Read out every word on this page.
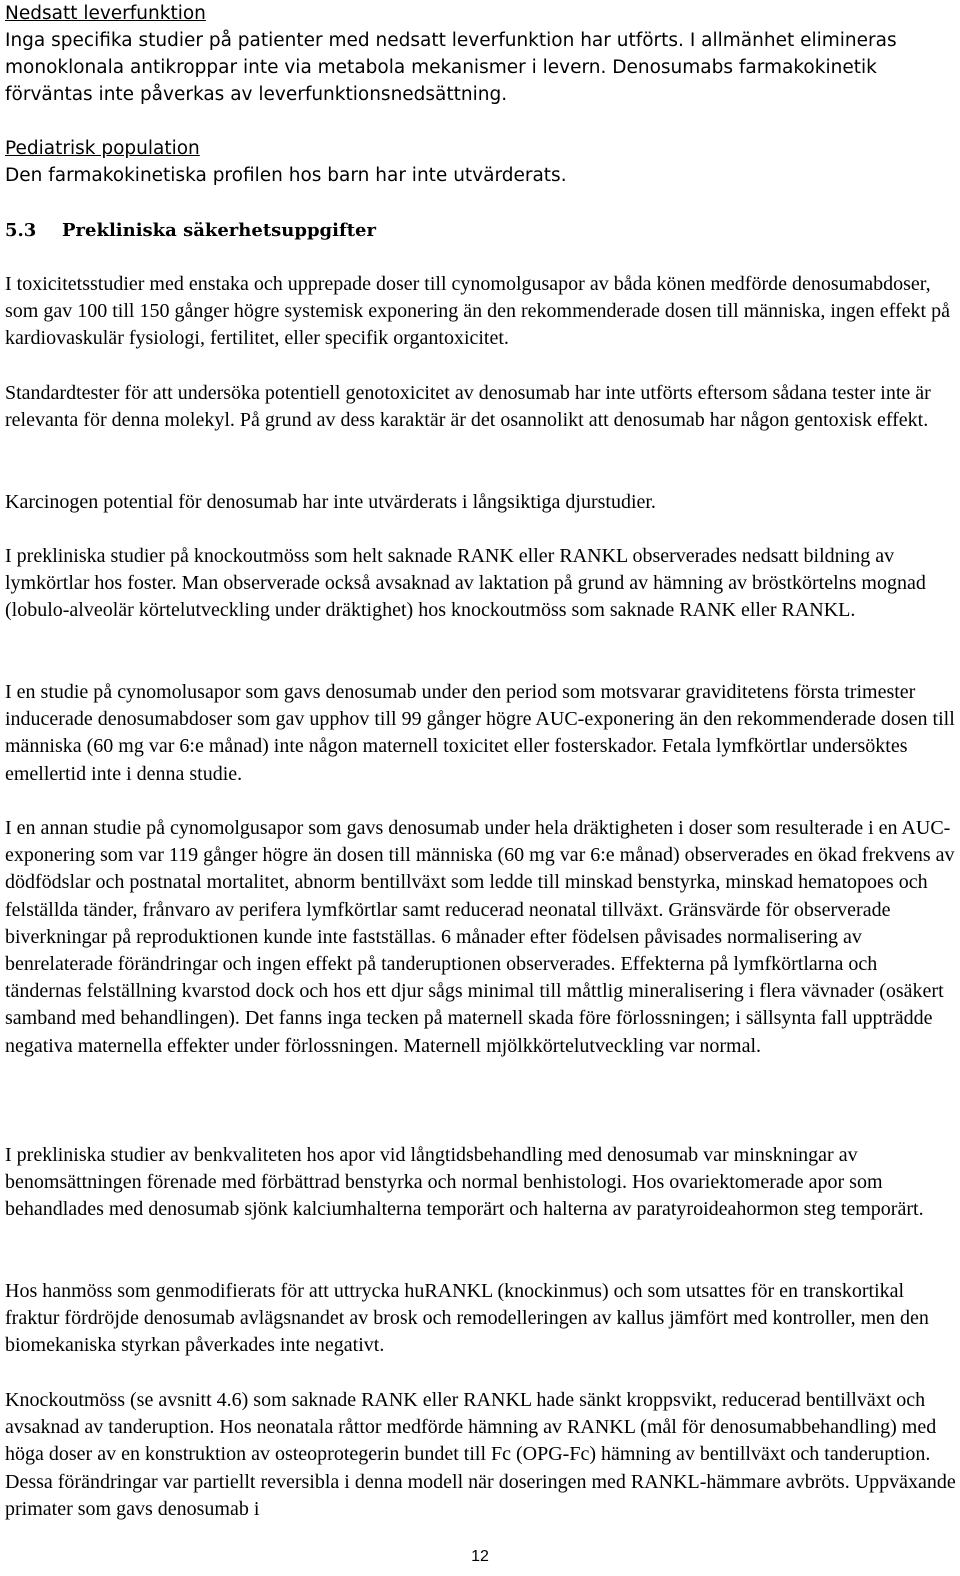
Nedsatt leverfunktion

Inga specifika studier på patienter med nedsatt leverfunktion har utförts. I allmänhet elimineras monoklonala antikroppar inte via metabola mekanismer i levern. Denosumabs farmakokinetik förväntas inte påverkas av leverfunktionsnedsättning.

Pediatrisk population

Den farmakokinetiska profilen hos barn har inte utvärderats.

5.3 Prekliniska säkerhetsuppgifter

I toxicitetsstudier med enstaka och upprepade doser till cynomolgusapor av båda könen medförde denosumabdoser, som gav 100 till 150 gånger högre systemisk exponering än den rekommenderade dosen till människa, ingen effekt på kardiovaskulär fysiologi, fertilitet, eller specifik organtoxicitet.

Standardtester för att undersöka potentiell genotoxicitet av denosumab har inte utförts eftersom sådana tester inte är relevanta för denna molekyl. På grund av dess karaktär är det osannolikt att denosumab har någon gentoxisk effekt.

Karcinogen potential för denosumab har inte utvärderats i långsiktiga djurstudier.

I prekliniska studier på knockoutmöss som helt saknade RANK eller RANKL observerades nedsatt bildning av lymkörtlar hos foster. Man observerade också avsaknad av laktation på grund av hämning av bröstkörtelns mognad (lobulo-alveolär körtelutveckling under dräktighet) hos knockoutmöss som saknade RANK eller RANKL.

I en studie på cynomolusapor som gavs denosumab under den period som motsvarar graviditetens första trimester inducerade denosumabdoser som gav upphov till 99 gånger högre AUC-exponering än den rekommenderade dosen till människa (60 mg var 6:e månad) inte någon maternell toxicitet eller fosterskador. Fetala lymfkörtlar undersöktes emellertid inte i denna studie.

I en annan studie på cynomolgusapor som gavs denosumab under hela dräktigheten i doser som resulterade i en AUC-exponering som var 119 gånger högre än dosen till människa (60 mg var 6:e månad) observerades en ökad frekvens av dödfödslar och postnatal mortalitet, abnorm bentillväxt som ledde till minskad benstyrka, minskad hematopoes och felställda tänder, frånvaro av perifera lymfkörtlar samt reducerad neonatal tillväxt. Gränsvärde för observerade biverkningar på reproduktionen kunde inte fastställas. 6 månader efter födelsen påvisades normalisering av benrelaterade förändringar och ingen effekt på tanderuptionen observerades. Effekterna på lymfkörtlarna och tändernas felställning kvarstod dock och hos ett djur sågs minimal till måttlig mineralisering i flera vävnader (osäkert samband med behandlingen). Det fanns inga tecken på maternell skada före förlossningen; i sällsynta fall uppträdde negativa maternella effekter under förlossningen. Maternell mjölkkörtelutveckling var normal.

I prekliniska studier av benkvaliteten hos apor vid långtidsbehandling med denosumab var minskningar av benomsättningen förenade med förbättrad benstyrka och normal benhistologi. Hos ovariektomerade apor som behandlades med denosumab sjönk kalciumhalterna temporärt och halterna av paratyroideahormon steg temporärt.

Hos hanmöss som genmodifierats för att uttrycka huRANKL (knockinmus) och som utsattes för en transkortikal fraktur fördröjde denosumab avlägsnandet av brosk och remodelleringen av kallus jämfört med kontroller, men den biomekaniska styrkan påverkades inte negativt.

Knockoutmöss (se avsnitt 4.6) som saknade RANK eller RANKL hade sänkt kroppsvikt, reducerad bentillväxt och avsaknad av tanderuption. Hos neonatala råttor medförde hämning av RANKL (mål för denosumabbehandling) med höga doser av en konstruktion av osteoprotegerin bundet till Fc (OPG-Fc) hämning av bentillväxt och tanderuption. Dessa förändringar var partiellt reversibla i denna modell när doseringen med RANKL-hämmare avbröts. Uppväxande primater som gavs denosumab i

12
